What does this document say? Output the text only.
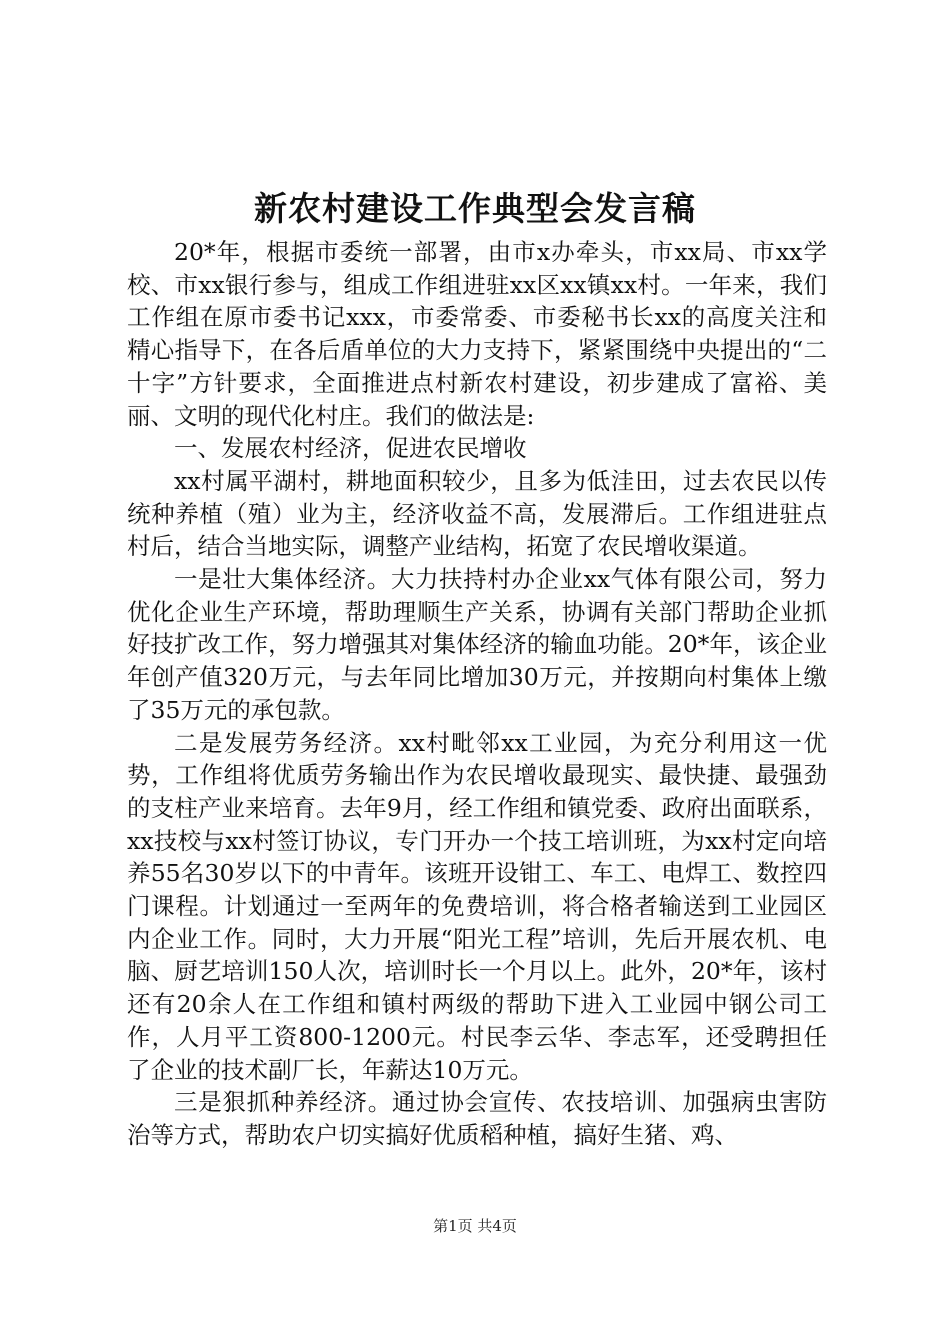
新农村建设工作典型会发言稿

20*年，根据市委统一部署，由市x办牵头，市xx局、市xx学校、市xx银行参与，组成工作组进驻xx区xx镇xx村。一年来，我们工作组在原市委书记xxx，市委常委、市委秘书长xx的高度关注和精心指导下，在各后盾单位的大力支持下，紧紧围绕中央提出的“二十字”方针要求，全面推进点村新农村建设，初步建成了富裕、美丽、文明的现代化村庄。我们的做法是:

一、发展农村经济，促进农民增收

xx村属平湖村，耕地面积较少，且多为低洼田，过去农民以传统种养植（殖）业为主，经济收益不高，发展滞后。工作组进驻点村后，结合当地实际，调整产业结构，拓宽了农民增收渠道。

一是壮大集体经济。大力扶持村办企业xx气体有限公司，努力优化企业生产环境，帮助理顺生产关系，协调有关部门帮助企业抓好技扩改工作，努力增强其对集体经济的输血功能。20*年，该企业年创产值320万元，与去年同比增加30万元，并按期向村集体上缴了35万元的承包款。

二是发展劳务经济。xx村毗邻xx工业园，为充分利用这一优势，工作组将优质劳务输出作为农民增收最现实、最快捷、最强劲的支柱产业来培育。去年9月，经工作组和镇党委、政府出面联系，xx技校与xx村签订协议，专门开办一个技工培训班，为xx村定向培养55名30岁以下的中青年。该班开设钳工、车工、电焊工、数控四门课程。计划通过一至两年的免费培训，将合格者输送到工业园区内企业工作。同时，大力开展“阳光工程”培训，先后开展农机、电脑、厨艺培训150人次，培训时长一个月以上。此外，20*年，该村还有20余人在工作组和镇村两级的帮助下进入工业园中钢公司工作，人月平工资800-1200元。村民李云华、李志军，还受聘担任了企业的技术副厂长，年薪达10万元。

三是狠抓种养经济。通过协会宣传、农技培训、加强病虫害防治等方式，帮助农户切实搞好优质稻种植，搞好生猪、鸡、

第1页 共4页
